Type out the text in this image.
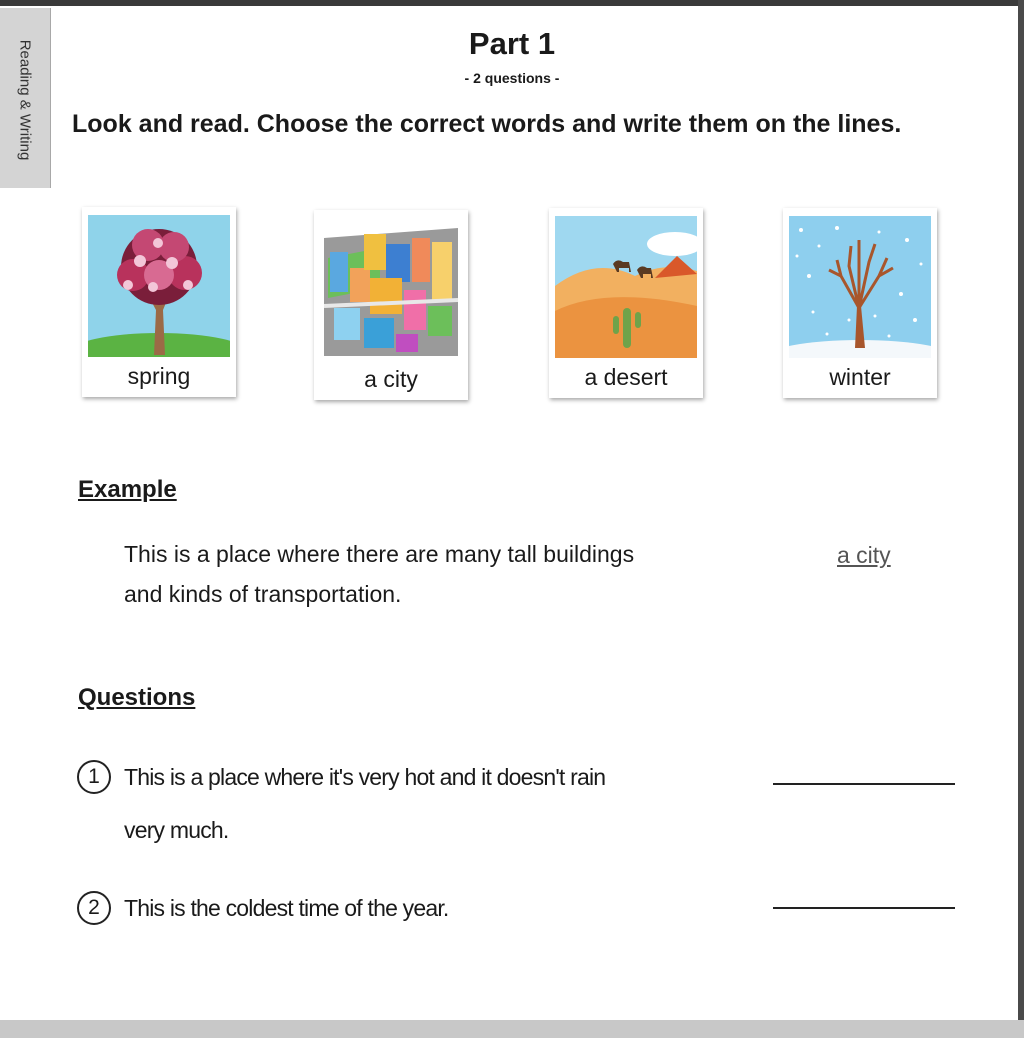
Reading & Writing	Part 1
- 2 questions -
Look and read. Choose the correct words and write them on the lines.
spring	a city	a desert	winter
Example
This is a place where there are many tall buildings
and kinds of transportation.
a city
Questions
1	This is a place where it's very hot and it doesn't rain
very much.
2	This is the coldest time of the year.
